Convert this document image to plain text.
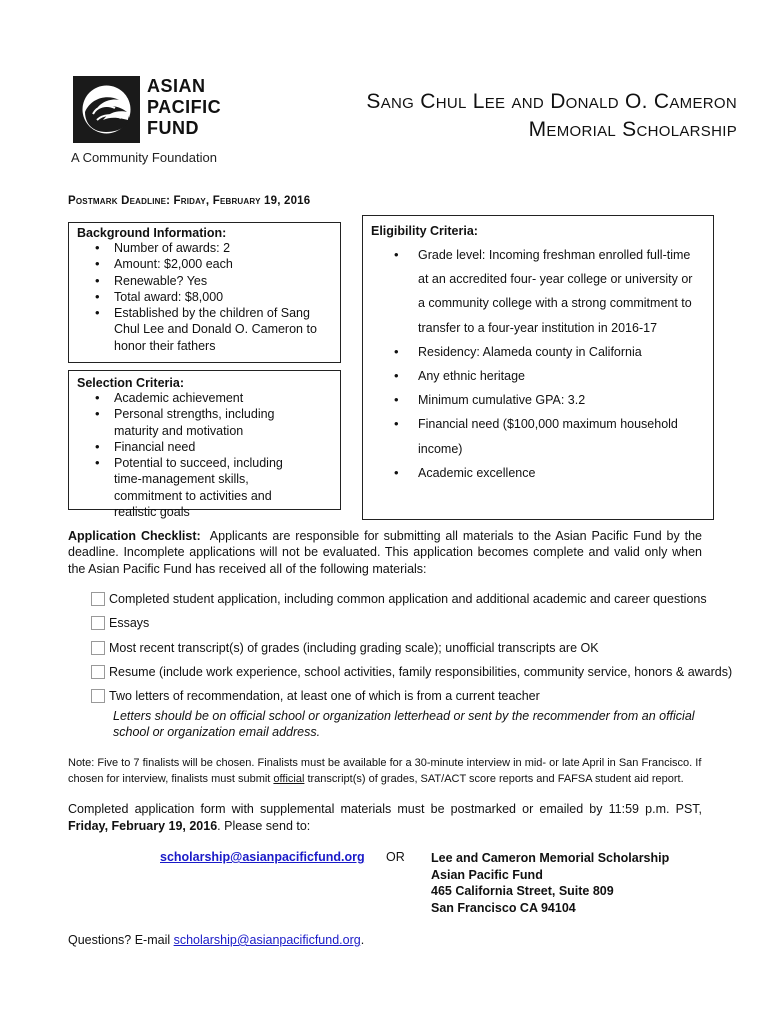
ASIAN
PACIFIC
FUND
A Community Foundation
Sang Chul Lee and Donald O. Cameron
Memorial Scholarship
Postmark Deadline: Friday, February 19, 2016
Background Information:
• Number of awards: 2
• Amount: $2,000 each
• Renewable? Yes
• Total award: $8,000
• Established by the children of Sang Chul Lee and Donald O. Cameron to honor their fathers
Selection Criteria:
• Academic achievement
• Personal strengths, including maturity and motivation
• Financial need
• Potential to succeed, including time-management skills, commitment to activities and realistic goals
Eligibility Criteria:
• Grade level: Incoming freshman enrolled full-time at an accredited four- year college or university or a community college with a strong commitment to transfer to a four-year institution in 2016-17
• Residency: Alameda county in California
• Any ethnic heritage
• Minimum cumulative GPA: 3.2
• Financial need ($100,000 maximum household income)
• Academic excellence
Application Checklist: Applicants are responsible for submitting all materials to the Asian Pacific Fund by the deadline. Incomplete applications will not be evaluated. This application becomes complete and valid only when the Asian Pacific Fund has received all of the following materials:
Completed student application, including common application and additional academic and career questions
Essays
Most recent transcript(s) of grades (including grading scale); unofficial transcripts are OK
Resume (include work experience, school activities, family responsibilities, community service, honors & awards)
Two letters of recommendation, at least one of which is from a current teacher
Letters should be on official school or organization letterhead or sent by the recommender from an official school or organization email address.
Note: Five to 7 finalists will be chosen. Finalists must be available for a 30-minute interview in mid- or late April in San Francisco. If chosen for interview, finalists must submit official transcript(s) of grades, SAT/ACT score reports and FAFSA student aid report.
Completed application form with supplemental materials must be postmarked or emailed by 11:59 p.m. PST, Friday, February 19, 2016. Please send to:
scholarship@asianpacificfund.org OR Lee and Cameron Memorial Scholarship
Asian Pacific Fund
465 California Street, Suite 809
San Francisco CA 94104
Questions? E-mail scholarship@asianpacificfund.org.
